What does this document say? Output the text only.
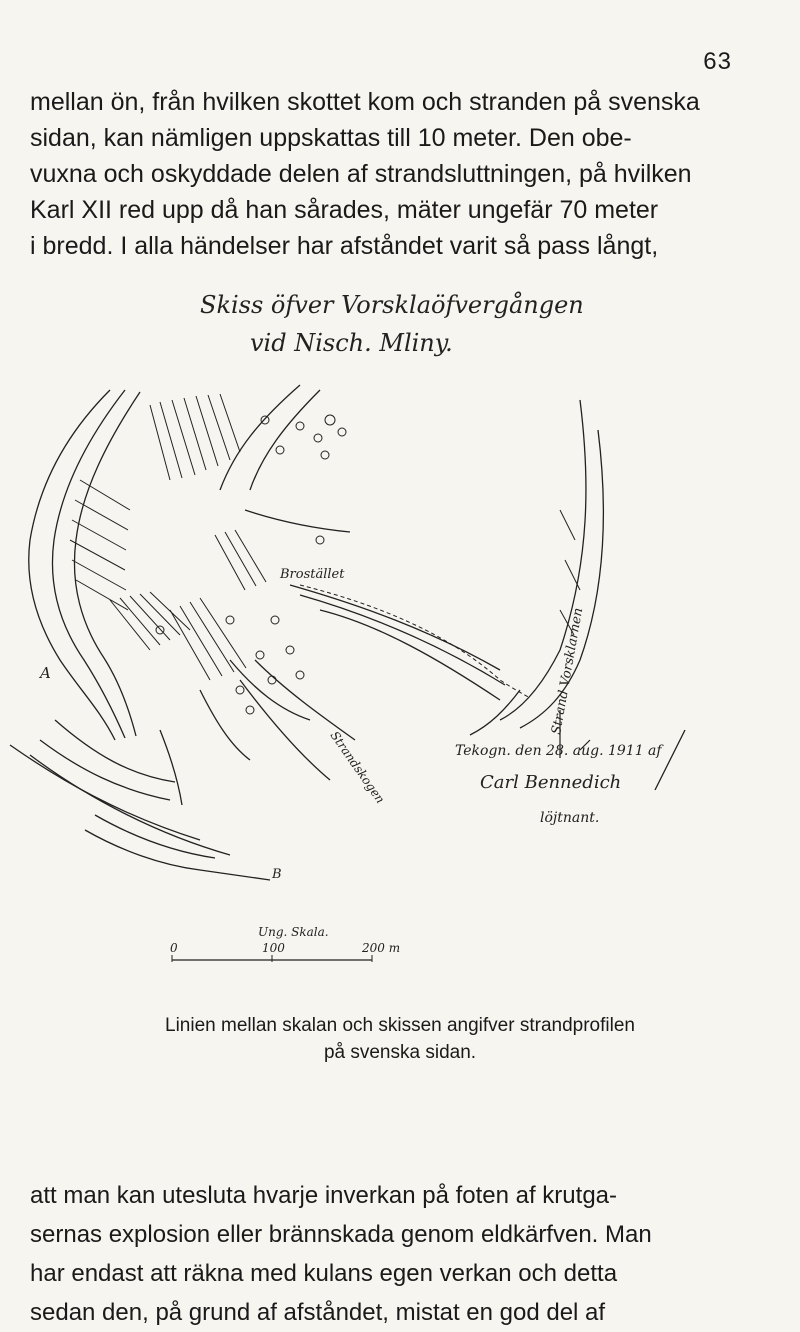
63
mellan ön, från hvilken skottet kom och stranden på svenska
sidan, kan nämligen uppskattas till 10 meter. Den obe-
vuxna och oskyddade delen af strandsluttningen, på hvilken
Karl XII red upp då han sårades, mäter ungefär 70 meter
i bredd. I alla händelser har afståndet varit så pass långt,
Skiss öfver Vorsklaöfvergången
vid Nisch. Mliny.
Brostället
Strand Vorsklarnen
Tekogn. den 28. aug. 1911 af
Carl Bennedich
löjtnant.
A
Strandskogen
B
Ung. Skala.
0	100	200 m
Linien mellan skalan och skissen angifver strandprofilen
på svenska sidan.
att man kan utesluta hvarje inverkan på foten af krutga-
sernas explosion eller brännskada genom eldkärfven. Man
har endast att räkna med kulans egen verkan och detta
sedan den, på grund af afståndet, mistat en god del af
